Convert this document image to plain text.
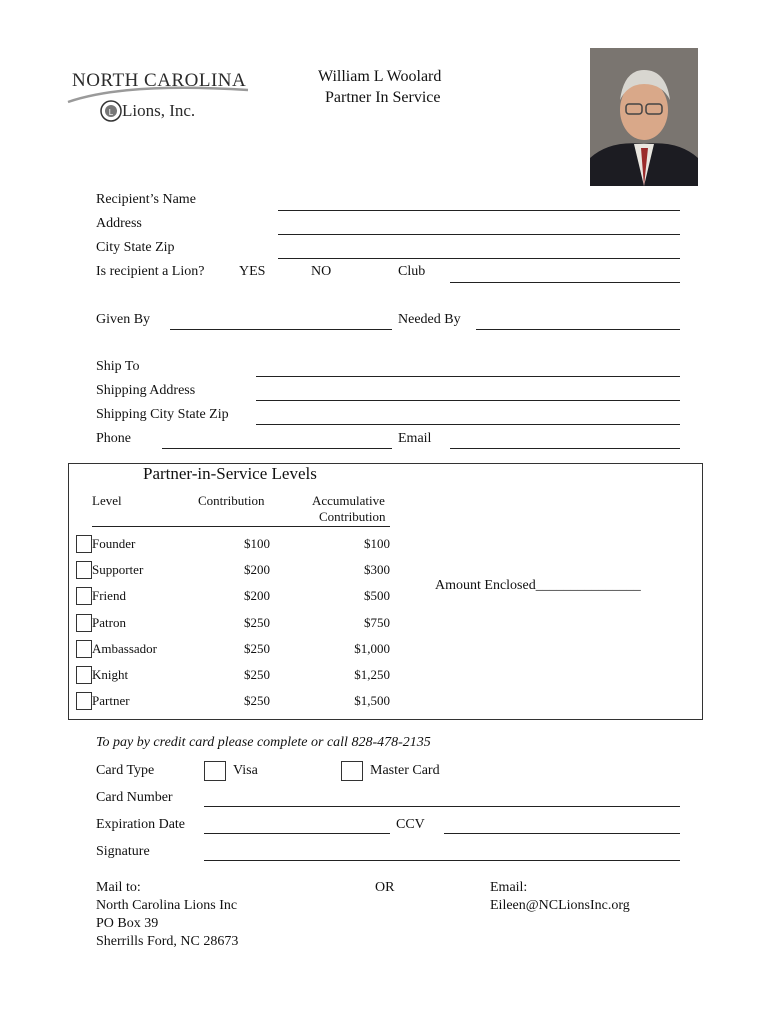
L
NORTH CAROLINA
Lions, Inc.
William L Woolard
Partner In Service
Recipient’s Name
Address
City State Zip
Is recipient a Lion? YES	NO	Club
Given By	Needed By
Ship To
Shipping Address
Shipping City State Zip
Phone	Email
Partner-in-Service Levels
Level	Contribution	Accumulative
Contribution
Founder	$100	$100
Supporter	$200	$300
Friend	$200	$500
Patron	$250	$750
Ambassador	$250	$1,000
Knight	$250	$1,250
Partner	$250	$1,500
Amount Enclosed_______________
To pay by credit card please complete or call 828-478-2135
Card Type	Visa	Master Card
Card Number
Expiration Date	CCV
Signature
Mail to:
North Carolina Lions Inc
PO Box 39
Sherrills Ford, NC 28673
OR	Email:
Eileen@NCLionsInc.org
